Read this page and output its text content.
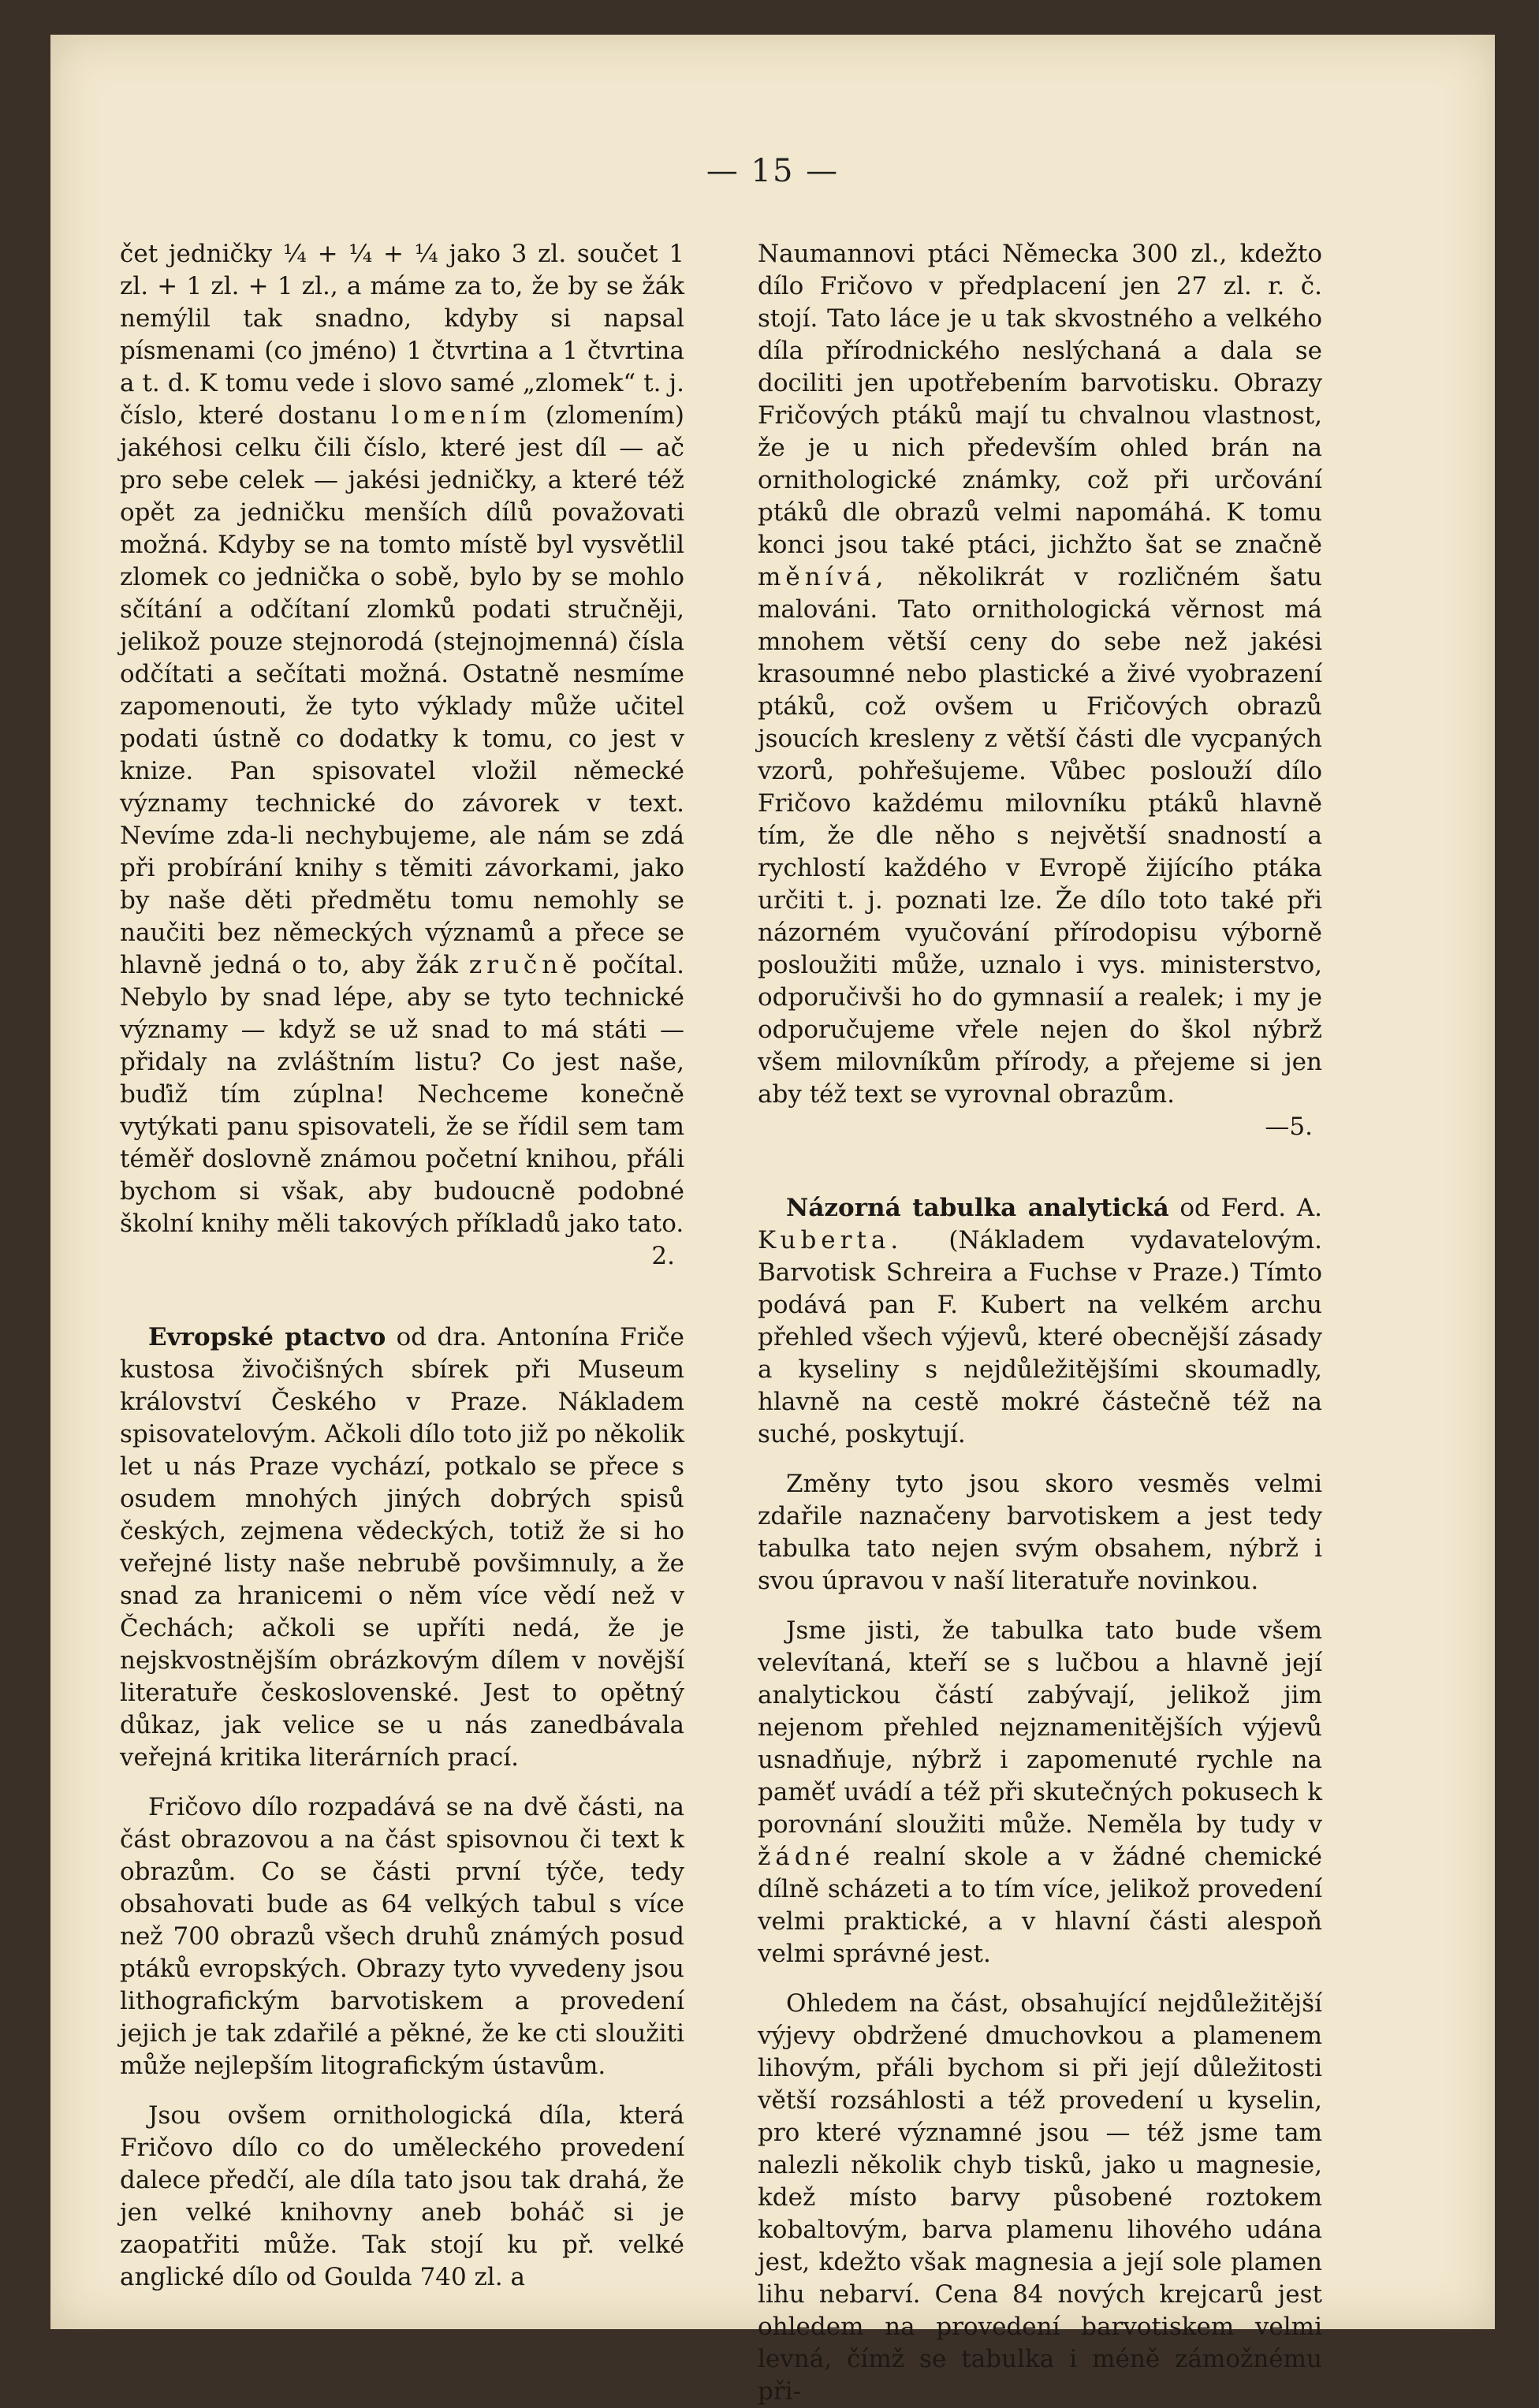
— 15 —

čet jedničky ¼ + ¼ + ¼ jako 3 zl. součet 1 zl. + 1 zl. + 1 zl., a máme za to, že by se žák nemýlil tak snadno, kdyby si napsal písmenami (co jméno) 1 čtvrtina a 1 čtvrtina a t. d. K tomu vede i slovo samé „zlomek“ t. j. číslo, které dostanu lomením (zlomením) jakéhosi celku čili číslo, které jest díl — ač pro sebe celek — jakési jedničky, a které též opět za jedničku menších dílů považovati možná. Kdyby se na tomto místě byl vysvětlil zlomek co jednička o sobě, bylo by se mohlo sčítání a odčítaní zlomků podati stručněji, jelikož pouze stejnorodá (stejnojmenná) čísla odčítati a sečítati možná. Ostatně nesmíme zapomenouti, že tyto výklady může učitel podati ústně co dodatky k tomu, co jest v knize. Pan spisovatel vložil německé významy technické do závorek v text. Nevíme zda-li nechybujeme, ale nám se zdá při probírání knihy s těmiti závorkami, jako by naše děti předmětu tomu nemohly se naučiti bez německých významů a přece se hlavně jedná o to, aby žák zručně počítal. Nebylo by snad lépe, aby se tyto technické významy — když se už snad to má státi — přidaly na zvláštním listu? Co jest naše, buďiž tím zúplna! Nechceme konečně vytýkati panu spisovateli, že se řídil sem tam téměř doslovně známou početní knihou, přáli bychom si však, aby budoucně podobné školní knihy měli takových příkladů jako tato.
2.

Evropské ptactvo od dra. Antonína Friče kustosa živočišných sbírek při Museum království Českého v Praze. Nákladem spisovatelovým. Ačkoli dílo toto již po několik let u nás Praze vychází, potkalo se přece s osudem mnohých jiných dobrých spisů českých, zejmena vědeckých, totiž že si ho veřejné listy naše nebrubě povšimnuly, a že snad za hranicemi o něm více vědí než v Čechách; ačkoli se upříti nedá, že je nejskvostnějším obrázkovým dílem v novější literatuře československé. Jest to opětný důkaz, jak velice se u nás zanedbávala veřejná kritika literárních prací.

Fričovo dílo rozpadává se na dvě části, na část obrazovou a na část spisovnou či text k obrazům. Co se části první týče, tedy obsahovati bude as 64 velkých tabul s více než 700 obrazů všech druhů známých posud ptáků evropských. Obrazy tyto vyvedeny jsou lithografickým barvotiskem a provedení jejich je tak zdařilé a pěkné, že ke cti sloužiti může nejlepším litografickým ústavům.

Jsou ovšem ornithologická díla, která Fričovo dílo co do uměleckého provedení dalece předčí, ale díla tato jsou tak drahá, že jen velké knihovny aneb boháč si je zaopatřiti může. Tak stojí ku př. velké anglické dílo od Goulda 740 zl. a

Naumannovi ptáci Německa 300 zl., kdežto dílo Fričovo v předplacení jen 27 zl. r. č. stojí. Tato láce je u tak skvostného a velkého díla přírodnického neslýchaná a dala se dociliti jen upotřebením barvotisku. Obrazy Fričových ptáků mají tu chvalnou vlastnost, že je u nich především ohled brán na ornithologické známky, což při určování ptáků dle obrazů velmi napomáhá. K tomu konci jsou také ptáci, jichžto šat se značně měnívá, několikrát v rozličném šatu malováni. Tato ornithologická věrnost má mnohem větší ceny do sebe než jakési krasoumné nebo plastické a živé vyobrazení ptáků, což ovšem u Fričových obrazů jsoucích kresleny z větší části dle vycpaných vzorů, pohřešujeme. Vůbec poslouží dílo Fričovo každému milovníku ptáků hlavně tím, že dle něho s největší snadností a rychlostí každého v Evropě žijícího ptáka určiti t. j. poznati lze. Že dílo toto také při názorném vyučování přírodopisu výborně posloužiti může, uznalo i vys. ministerstvo, odporučivši ho do gymnasií a realek; i my je odporučujeme vřele nejen do škol nýbrž všem milovníkům přírody, a přejeme si jen aby též text se vyrovnal obrazům.
—5.

Názorná tabulka analytická od Ferd. A. Kuberta. (Nákladem vydavatelovým. Barvotisk Schreira a Fuchse v Praze.) Tímto podává pan F. Kubert na velkém archu přehled všech výjevů, které obecnější zásady a kyseliny s nejdůležitějšími skoumadly, hlavně na cestě mokré částečně též na suché, poskytují.

Změny tyto jsou skoro vesměs velmi zdařile naznačeny barvotiskem a jest tedy tabulka tato nejen svým obsahem, nýbrž i svou úpravou v naší literatuře novinkou.

Jsme jisti, že tabulka tato bude všem velevítaná, kteří se s lučbou a hlavně její analytickou částí zabývají, jelikož jim nejenom přehled nejznamenitějších výjevů usnadňuje, nýbrž i zapomenuté rychle na paměť uvádí a též při skutečných pokusech k porovnání sloužiti může. Neměla by tudy v žádné realní skole a v žádné chemické dílně scházeti a to tím více, jelikož provedení velmi praktické, a v hlavní části alespoň velmi správné jest.

Ohledem na část, obsahující nejdůležitější výjevy obdržené dmuchovkou a plamenem lihovým, přáli bychom si při její důležitosti větší rozsáhlosti a též provedení u kyselin, pro které významné jsou — též jsme tam nalezli několik chyb tisků, jako u magnesie, kdež místo barvy působené roztokem kobaltovým, barva plamenu lihového udána jest, kdežto však magnesia a její sole plamen lihu nebarví. Cena 84 nových krejcarů jest ohledem na provedení barvotiskem velmi levná, čímž se tabulka i méně zámožnému při-
